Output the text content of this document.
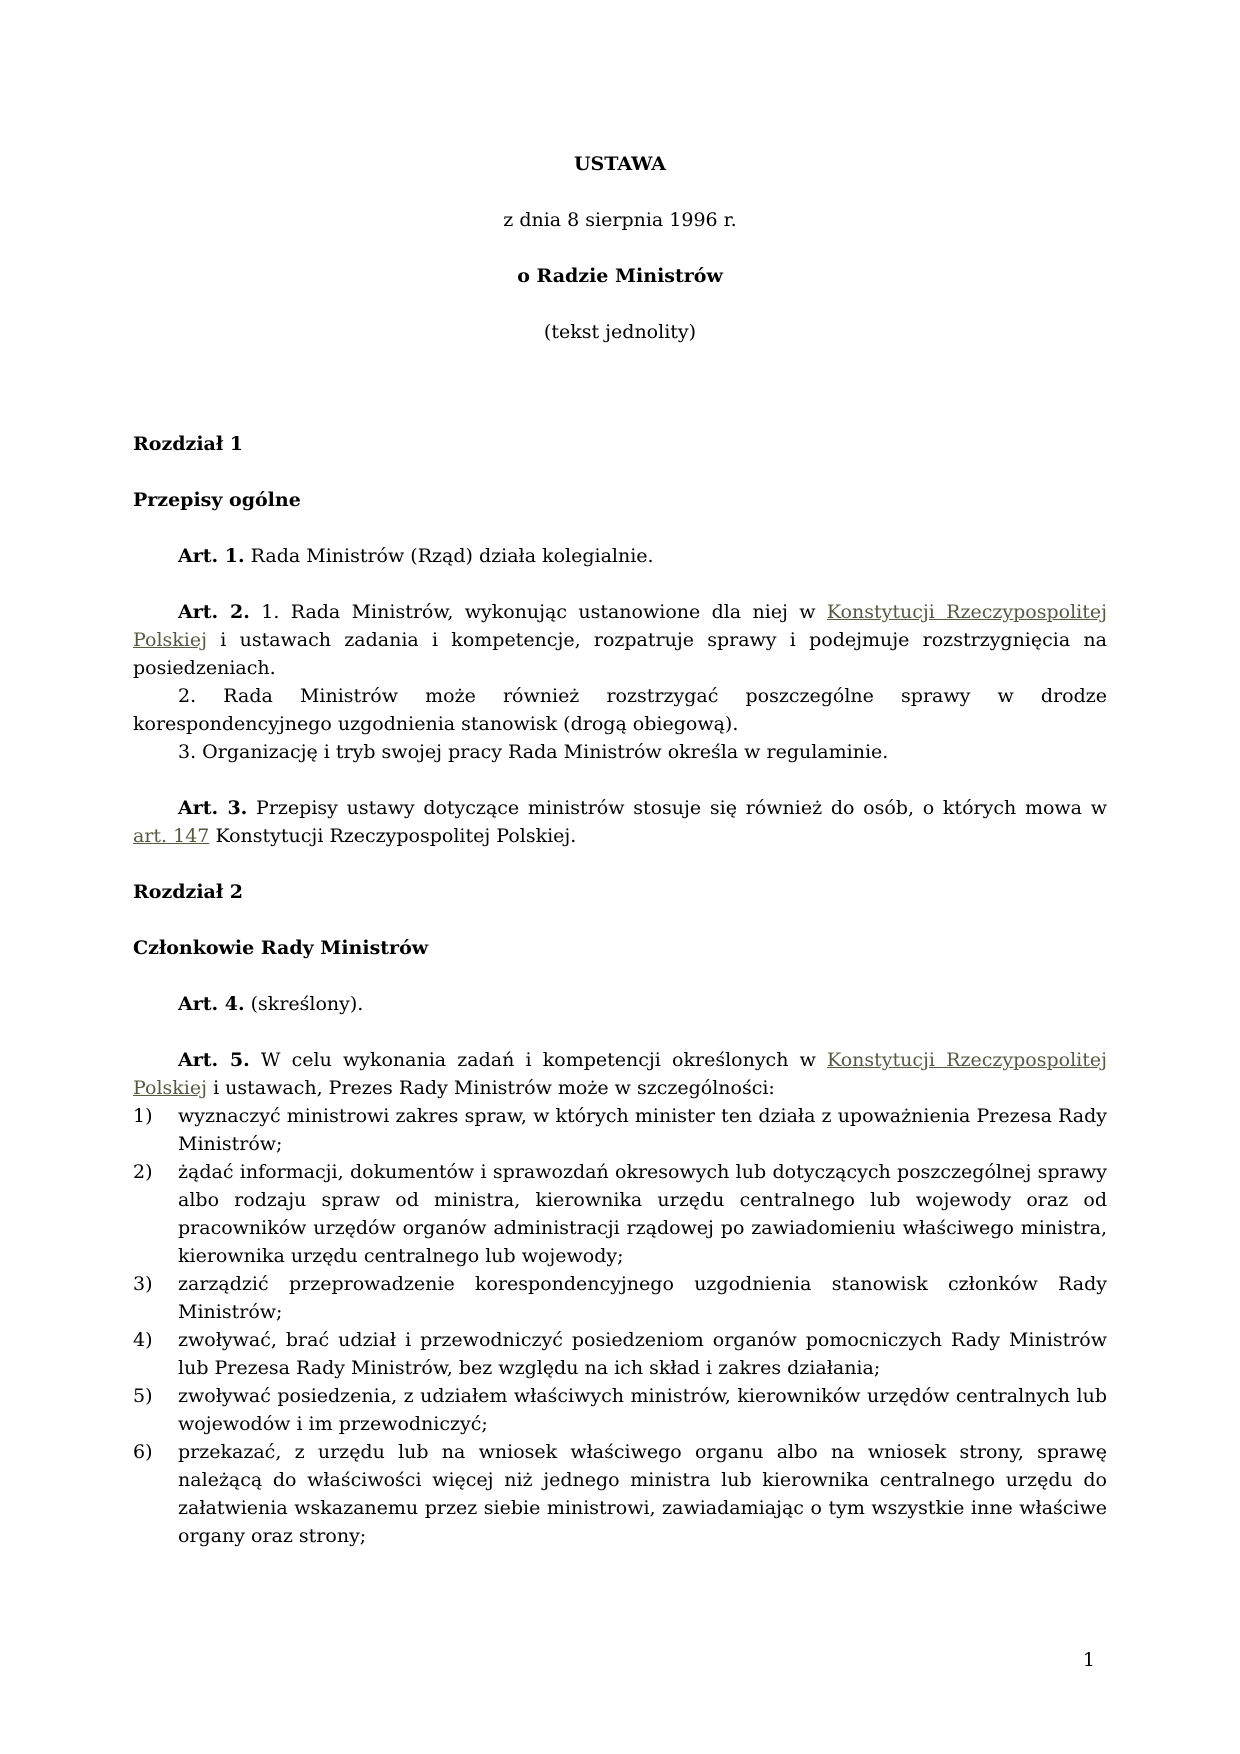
USTAWA

z dnia 8 sierpnia 1996 r.

o Radzie Ministrów

(tekst jednolity)

Rozdział 1

Przepisy ogólne

Art. 1. Rada Ministrów (Rząd) działa kolegialnie.

Art. 2. 1. Rada Ministrów, wykonując ustanowione dla niej w Konstytucji Rzeczypospolitej Polskiej i ustawach zadania i kompetencje, rozpatruje sprawy i podejmuje rozstrzygnięcia na posiedzeniach.

2. Rada Ministrów może również rozstrzygać poszczególne sprawy w drodze korespondencyjnego uzgodnienia stanowisk (drogą obiegową).

3. Organizację i tryb swojej pracy Rada Ministrów określa w regulaminie.

Art. 3. Przepisy ustawy dotyczące ministrów stosuje się również do osób, o których mowa w art. 147 Konstytucji Rzeczypospolitej Polskiej.

Rozdział 2

Członkowie Rady Ministrów

Art. 4. (skreślony).

Art. 5. W celu wykonania zadań i kompetencji określonych w Konstytucji Rzeczypospolitej Polskiej i ustawach, Prezes Rady Ministrów może w szczególności:

1) wyznaczyć ministrowi zakres spraw, w których minister ten działa z upoważnienia Prezesa Rady Ministrów;
2) żądać informacji, dokumentów i sprawozdań okresowych lub dotyczących poszczególnej sprawy albo rodzaju spraw od ministra, kierownika urzędu centralnego lub wojewody oraz od pracowników urzędów organów administracji rządowej po zawiadomieniu właściwego ministra, kierownika urzędu centralnego lub wojewody;
3) zarządzić przeprowadzenie korespondencyjnego uzgodnienia stanowisk członków Rady Ministrów;
4) zwoływać, brać udział i przewodniczyć posiedzeniom organów pomocniczych Rady Ministrów lub Prezesa Rady Ministrów, bez względu na ich skład i zakres działania;
5) zwoływać posiedzenia, z udziałem właściwych ministrów, kierowników urzędów centralnych lub wojewodów i im przewodniczyć;
6) przekazać, z urzędu lub na wniosek właściwego organu albo na wniosek strony, sprawę należącą do właściwości więcej niż jednego ministra lub kierownika centralnego urzędu do załatwienia wskazanemu przez siebie ministrowi, zawiadamiając o tym wszystkie inne właściwe organy oraz strony;
1
